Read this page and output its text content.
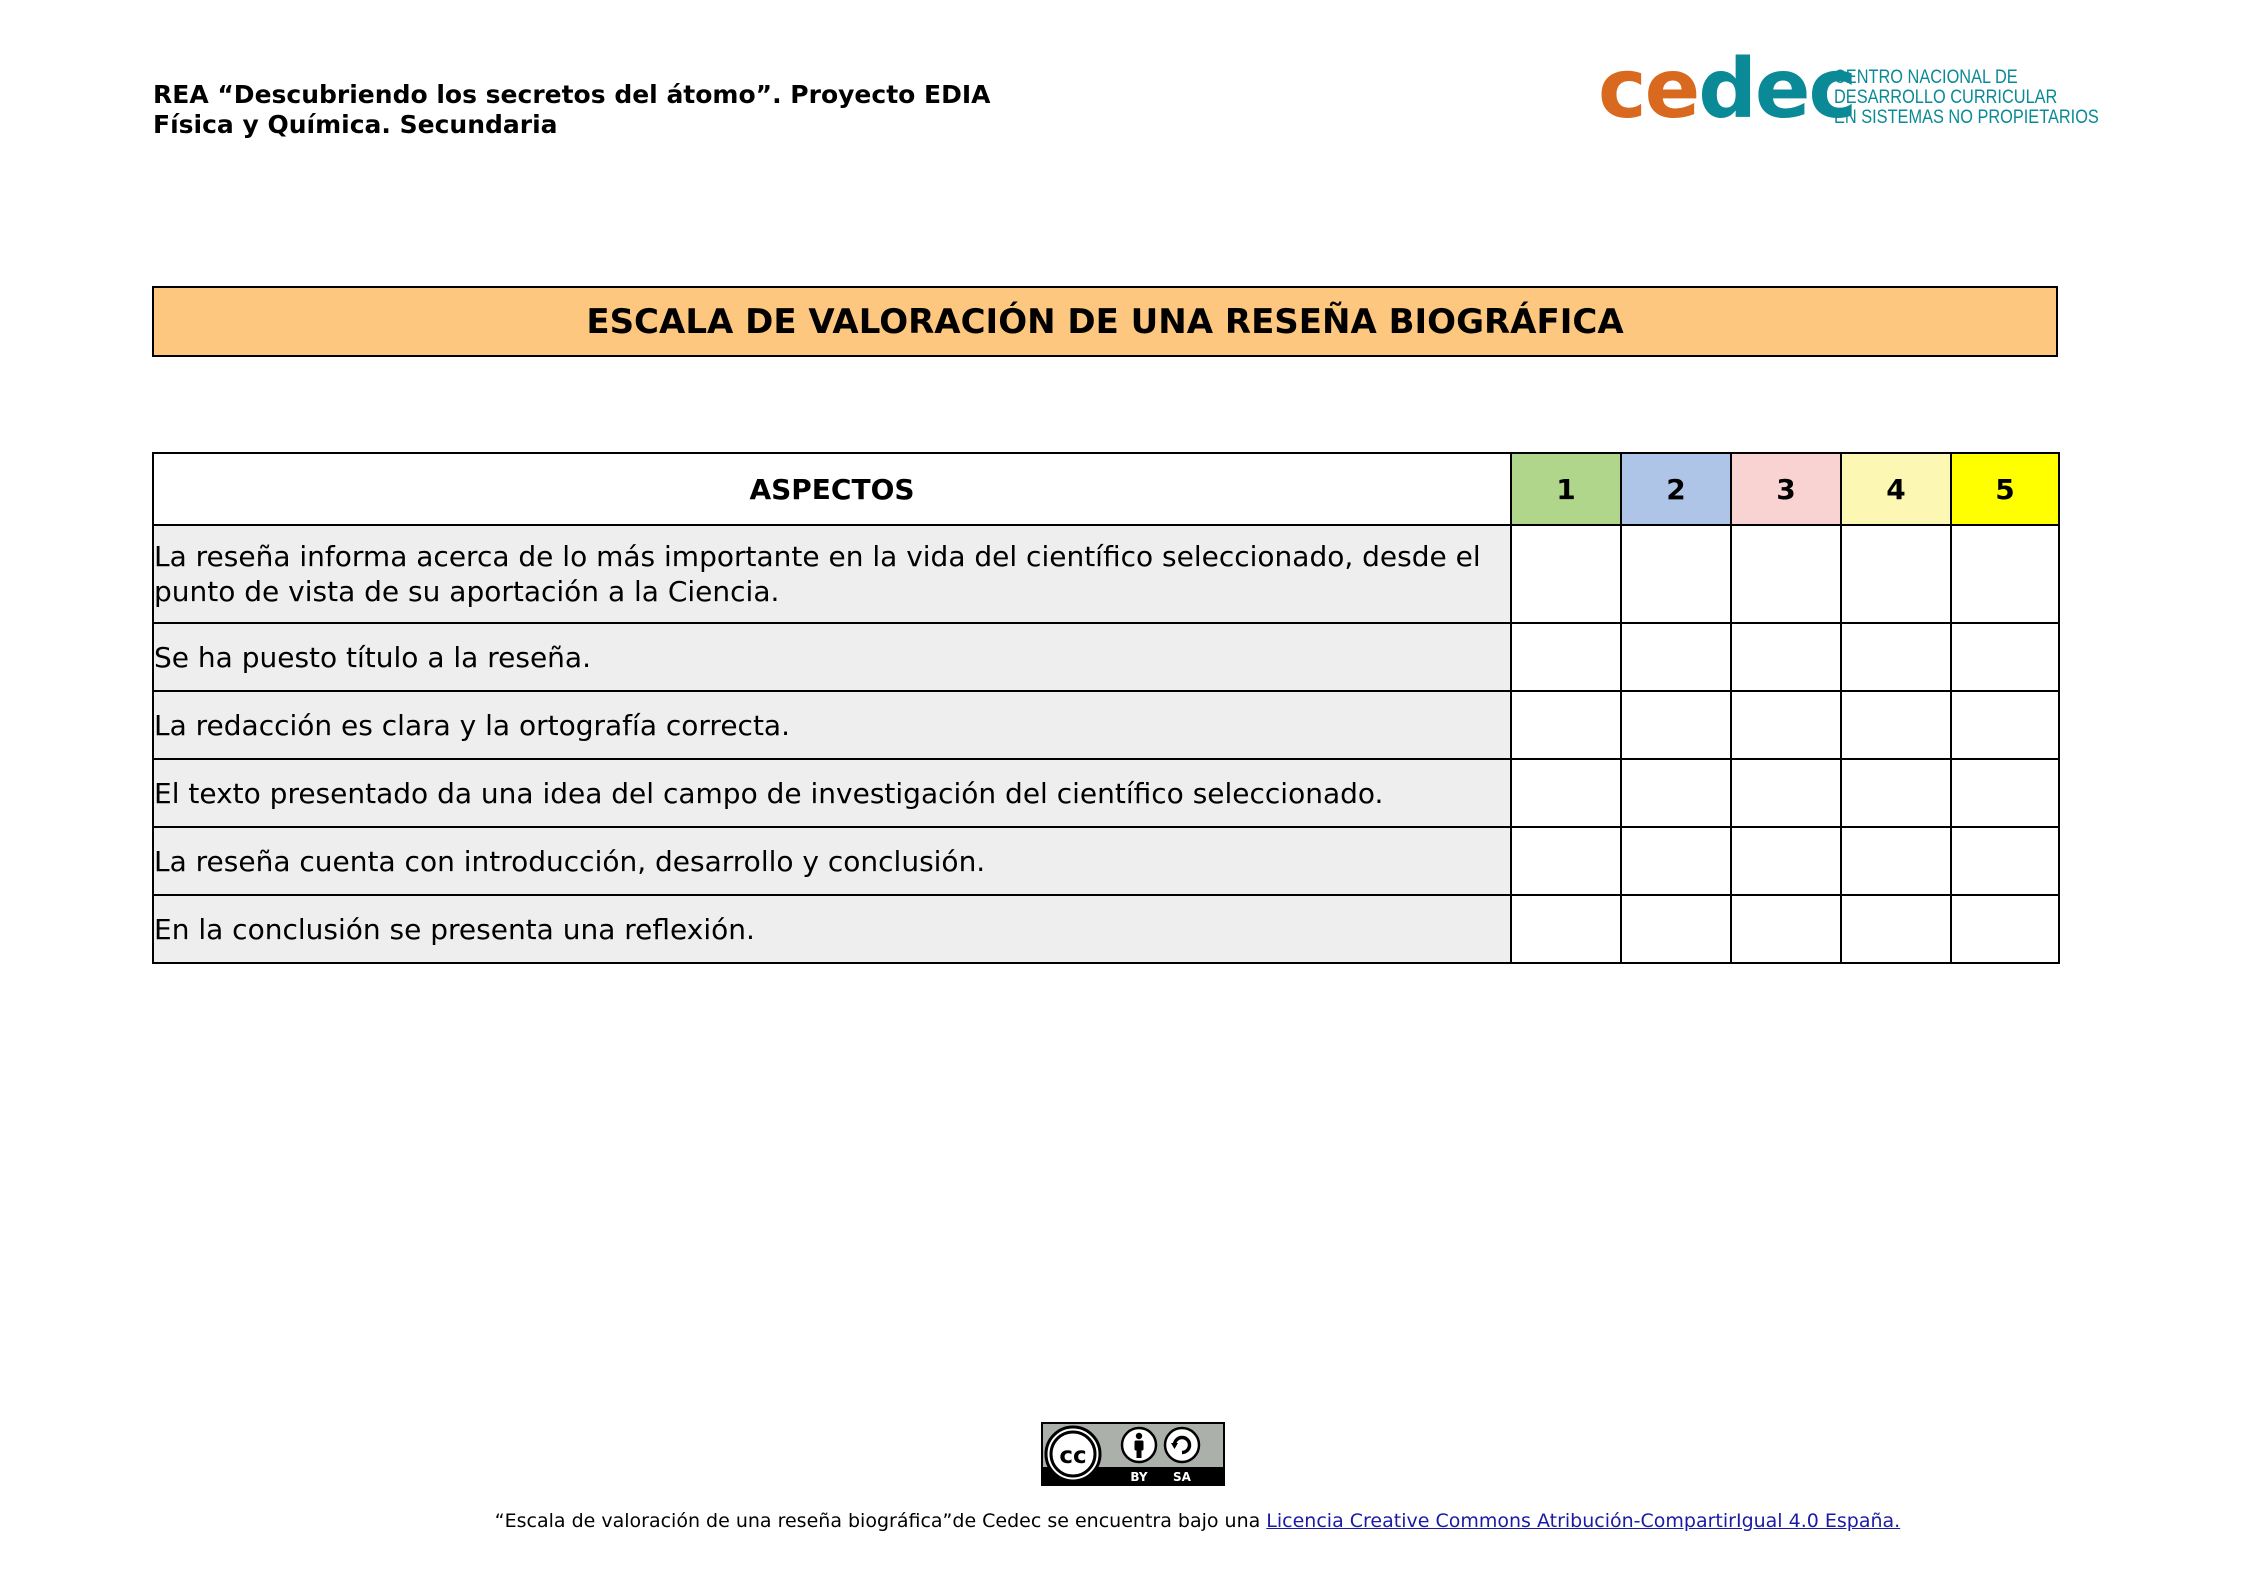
REA “Descubriendo los secretos del átomo”. Proyecto EDIA
Física y Química. Secundaria	cedec
CENTRO NACIONAL DE
DESARROLLO CURRICULAR
EN SISTEMAS NO PROPIETARIOS
ESCALA DE VALORACIÓN DE UNA RESEÑA BIOGRÁFICA
ASPECTOS	1	2	3	4	5

La reseña informa acerca de lo más importante en la vida del científico seleccionado, desde el
punto de vista de su aportación a la Ciencia.					

Se ha puesto título a la reseña.					

La redacción es clara y la ortografía correcta.					

El texto presentado da una idea del campo de investigación del científico seleccionado.					

La reseña cuenta con introducción, desarrollo y conclusión.					

En la conclusión se presenta una reflexión.					

cc
BY SA
“Escala de valoración de una reseña biográfica”de Cedec se encuentra bajo una Licencia Creative Commons Atribución-CompartirIgual 4.0 España.
